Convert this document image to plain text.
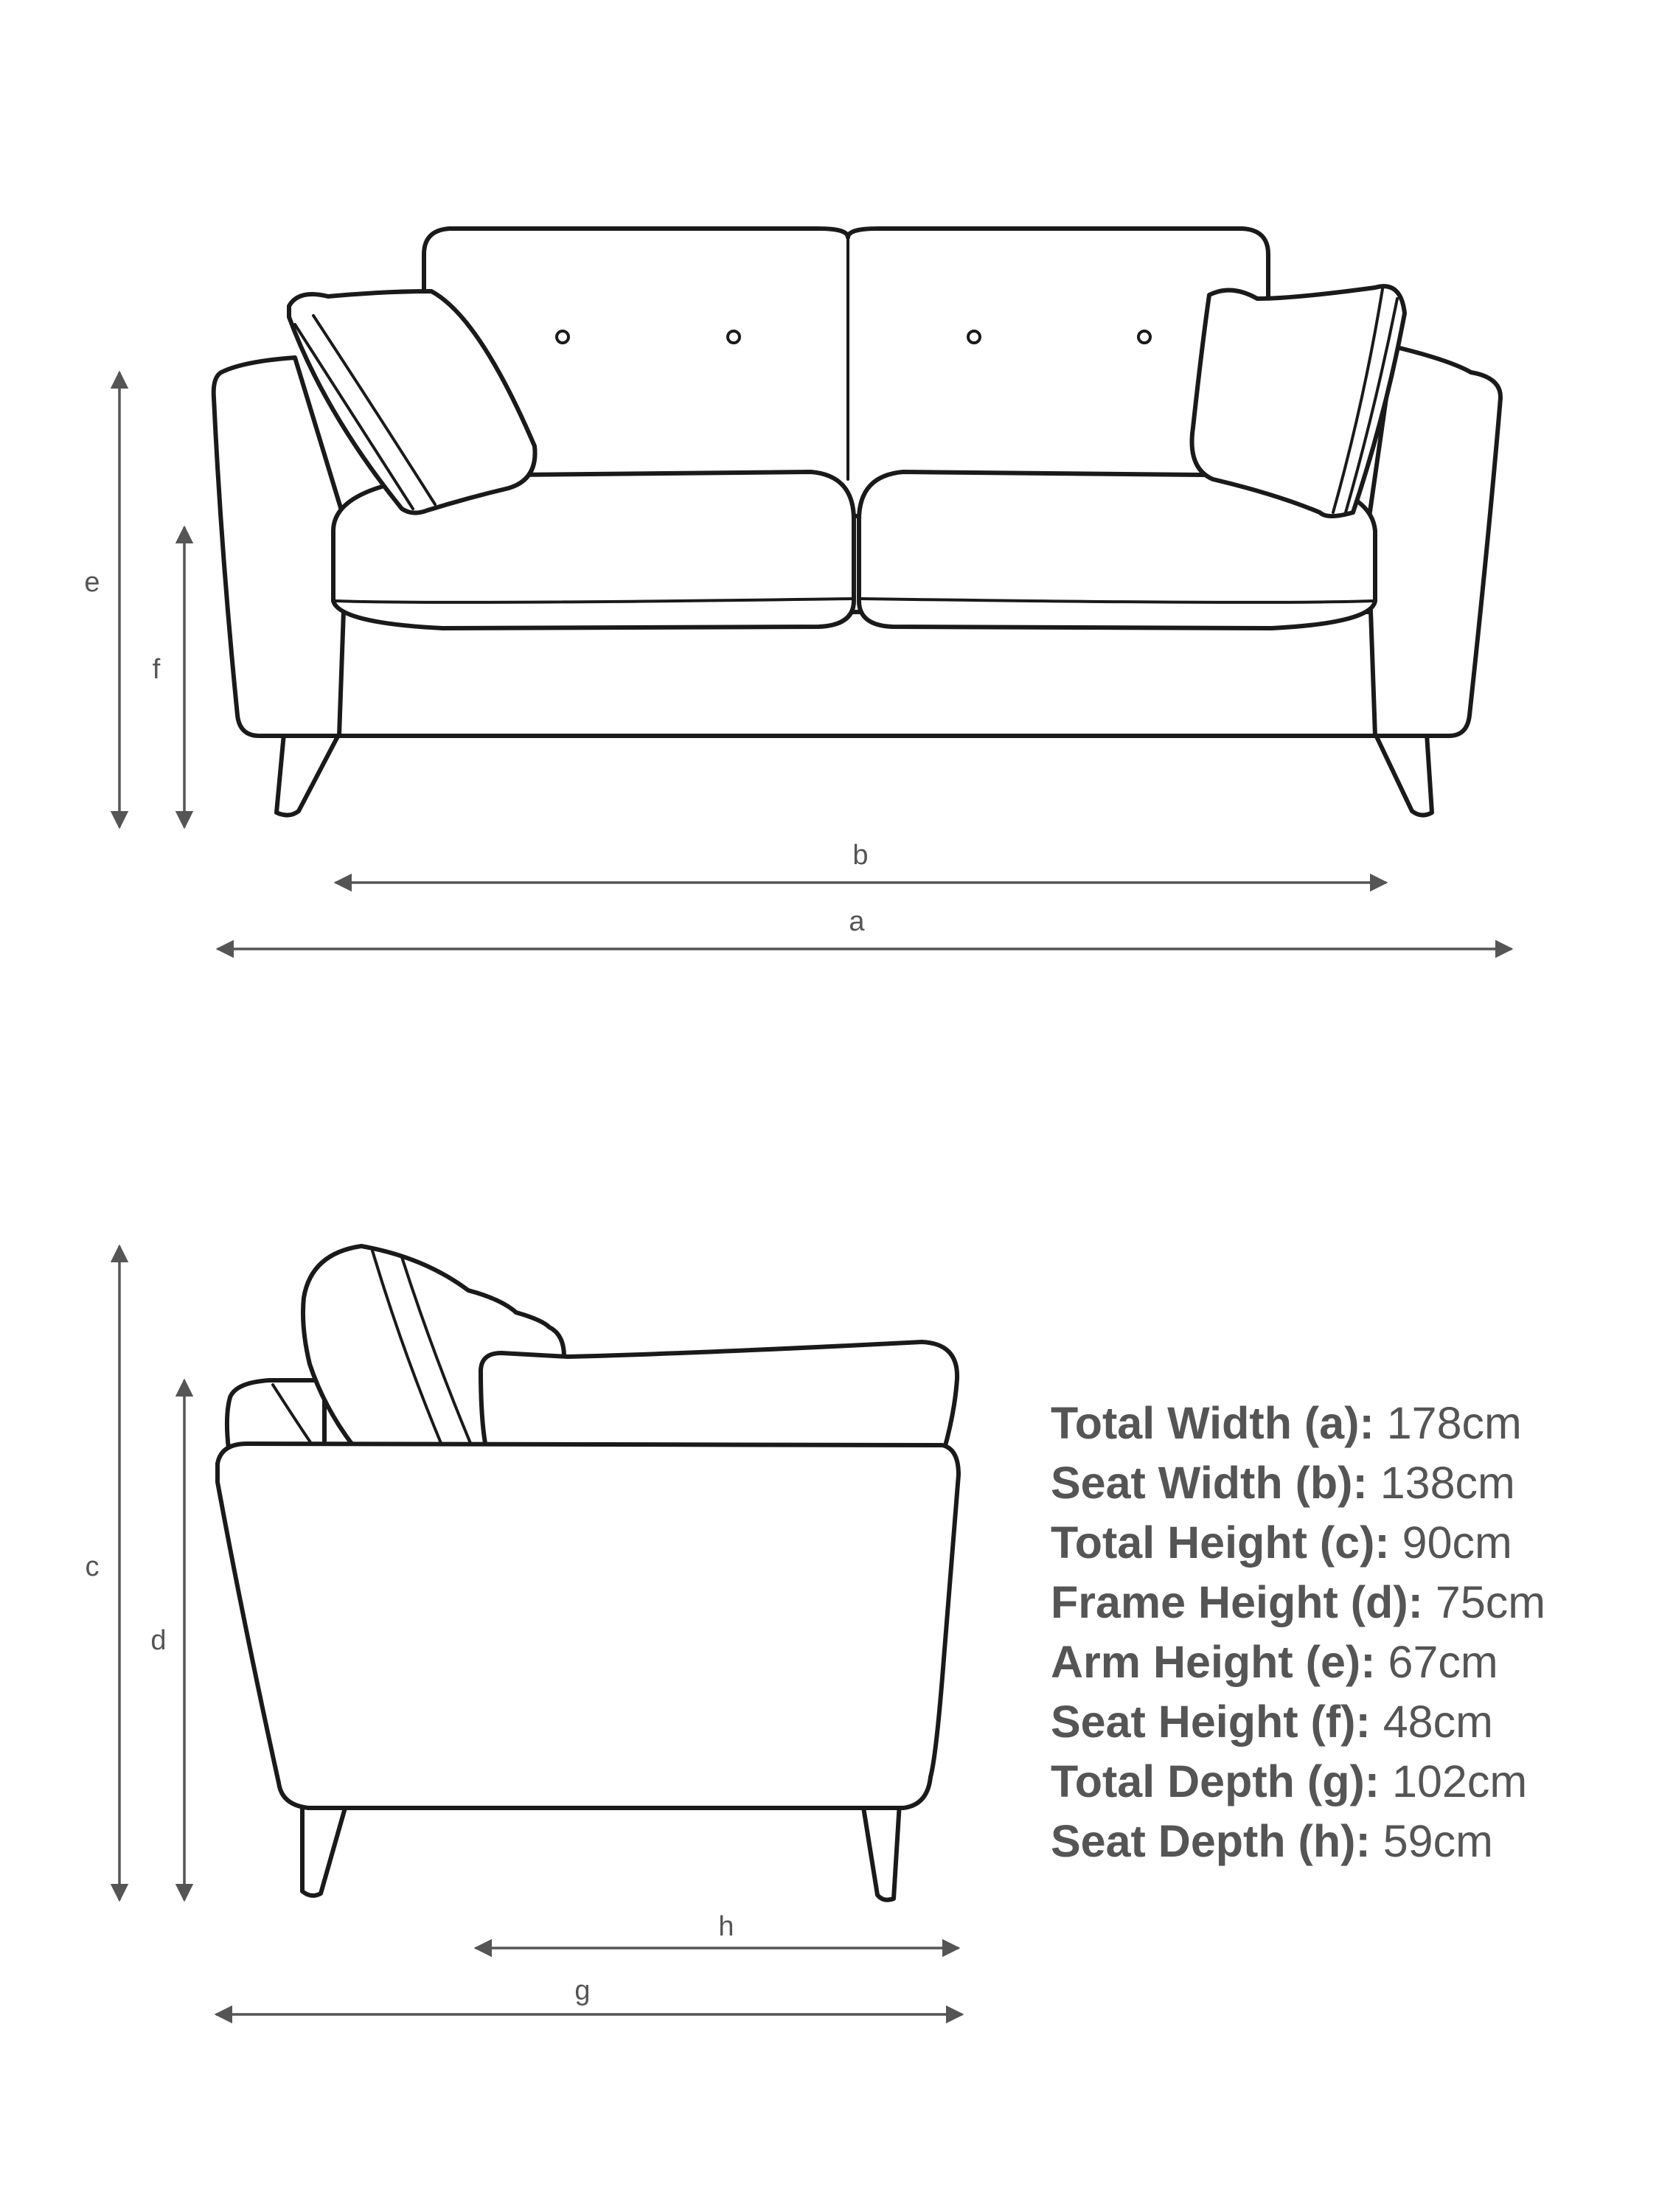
e
f
b
a
c
d
h
g
Total Width (a): 178cm
Seat Width (b): 138cm
Total Height (c): 90cm
Frame Height (d): 75cm
Arm Height (e): 67cm
Seat Height (f): 48cm
Total Depth (g): 102cm
Seat Depth (h): 59cm
